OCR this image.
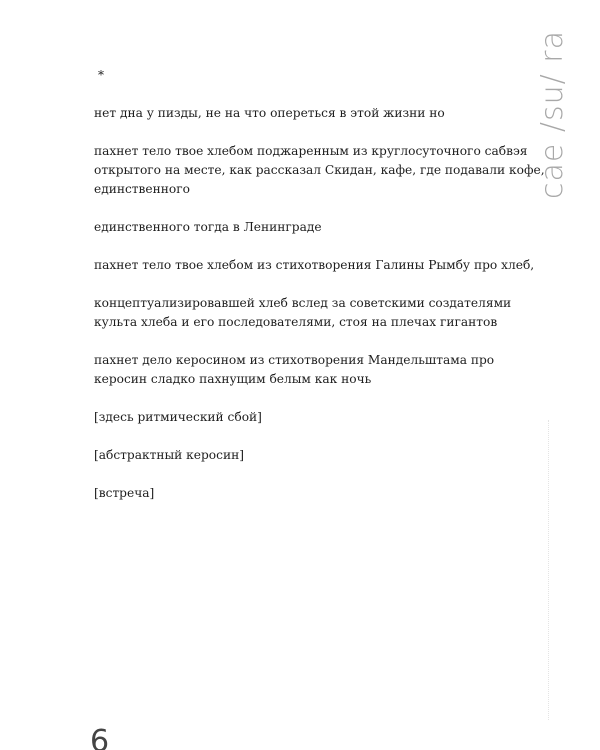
cae /su/ ra
*
нет дна у пизды, не на что опереться в этой жизни но
пахнет тело твое хлебом поджаренным из круглосуточного сабвэя
открытого на месте, как рассказал Скидан, кафе, где подавали кофе,
единственного
единственного тогда в Ленинграде
пахнет тело твое хлебом из стихотворения Галины Рымбу про хлеб,
концептуализировавшей хлеб вслед за советскими создателями
культа хлеба и его последователями, стоя на плечах гигантов
пахнет дело керосином из стихотворения Мандельштама про
керосин сладко пахнущим белым как ночь
[здесь ритмический сбой]
[абстрактный керосин]
[встреча]
6
